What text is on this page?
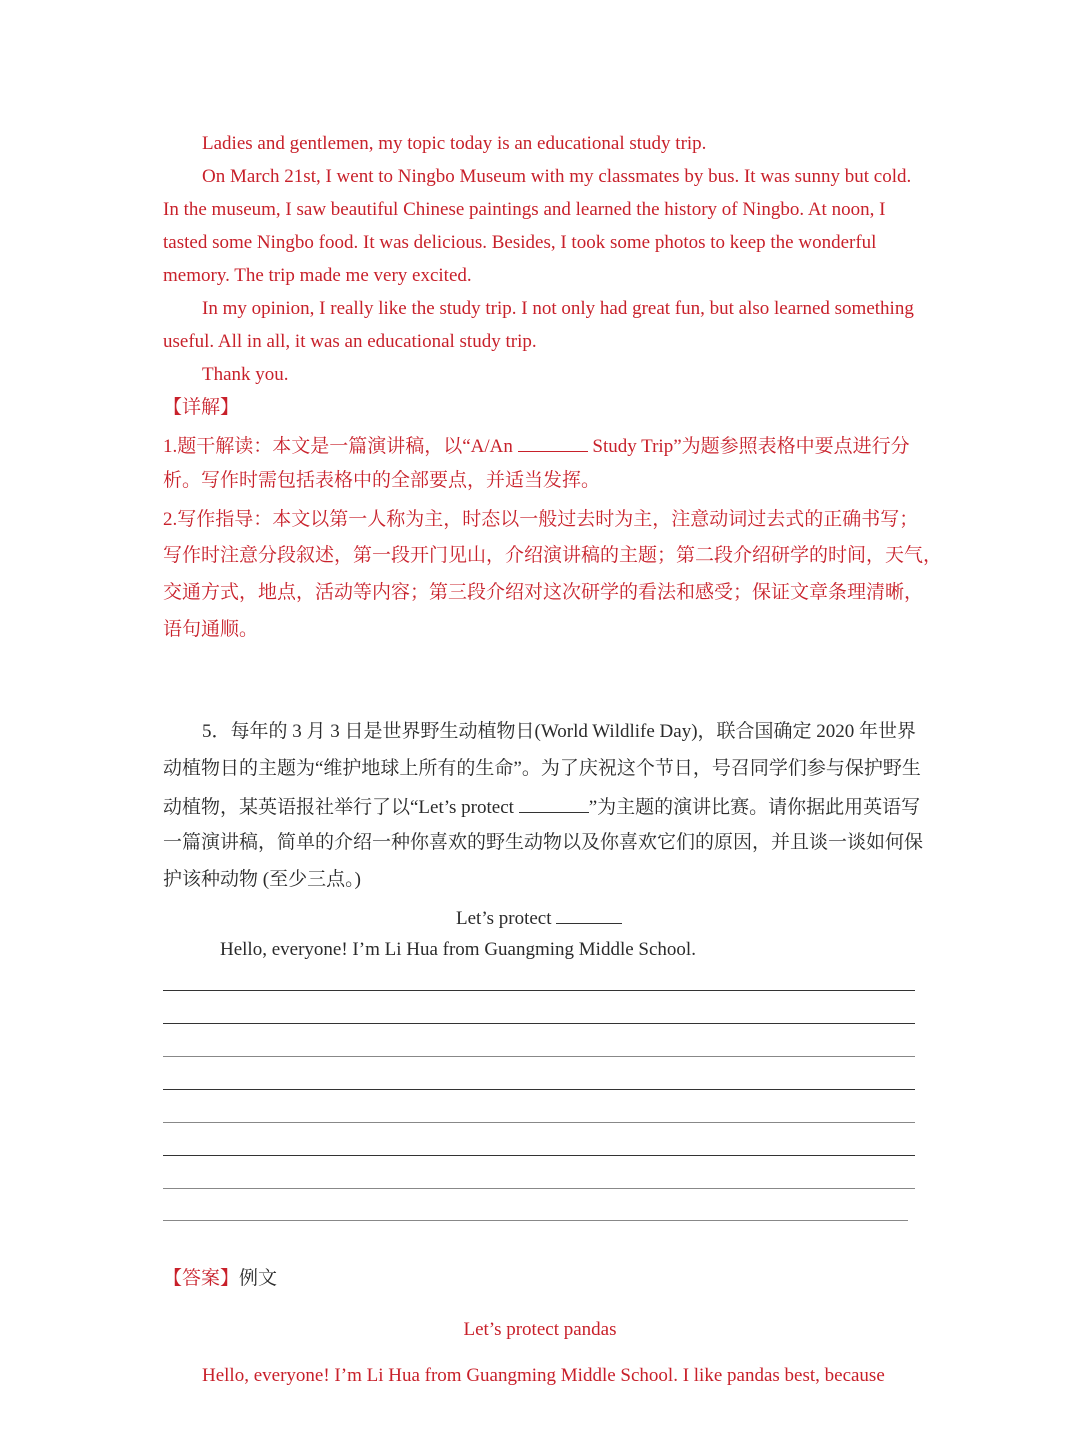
Ladies and gentlemen, my topic today is an educational study trip.
On March 21st, I went to Ningbo Museum with my classmates by bus. It was sunny but cold.
In the museum, I saw beautiful Chinese paintings and learned the history of Ningbo. At noon, I
tasted some Ningbo food. It was delicious. Besides, I took some photos to keep the wonderful
memory. The trip made me very excited.
In my opinion, I really like the study trip. I not only had great fun, but also learned something
useful. All in all, it was an educational study trip.
Thank you.
【详解】
1.题干解读：本文是一篇演讲稿，以“A/An	Study Trip”为题参照表格中要点进行分
析。写作时需包括表格中的全部要点，并适当发挥。
2.写作指导：本文以第一人称为主，时态以一般过去时为主，注意动词过去式的正确书写；
写作时注意分段叙述，第一段开门见山，介绍演讲稿的主题；第二段介绍研学的时间，天气，
交通方式，地点，活动等内容；第三段介绍对这次研学的看法和感受；保证文章条理清晰，
语句通顺。
5．每年的 3 月 3 日是世界野生动植物日(World Wildlife Day)，联合国确定 2020 年世界
动植物日的主题为“维护地球上所有的生命”。为了庆祝这个节日，号召同学们参与保护野生
动植物，某英语报社举行了以“Let’s protect	”为主题的演讲比赛。请你据此用英语写
一篇演讲稿，简单的介绍一种你喜欢的野生动物以及你喜欢它们的原因，并且谈一谈如何保
护该种动物 (至少三点。)
Let’s protect
Hello, everyone! I’m Li Hua from Guangming Middle School.
【答案】例文
Let’s protect pandas
Hello, everyone! I’m Li Hua from Guangming Middle School. I like pandas best, because
